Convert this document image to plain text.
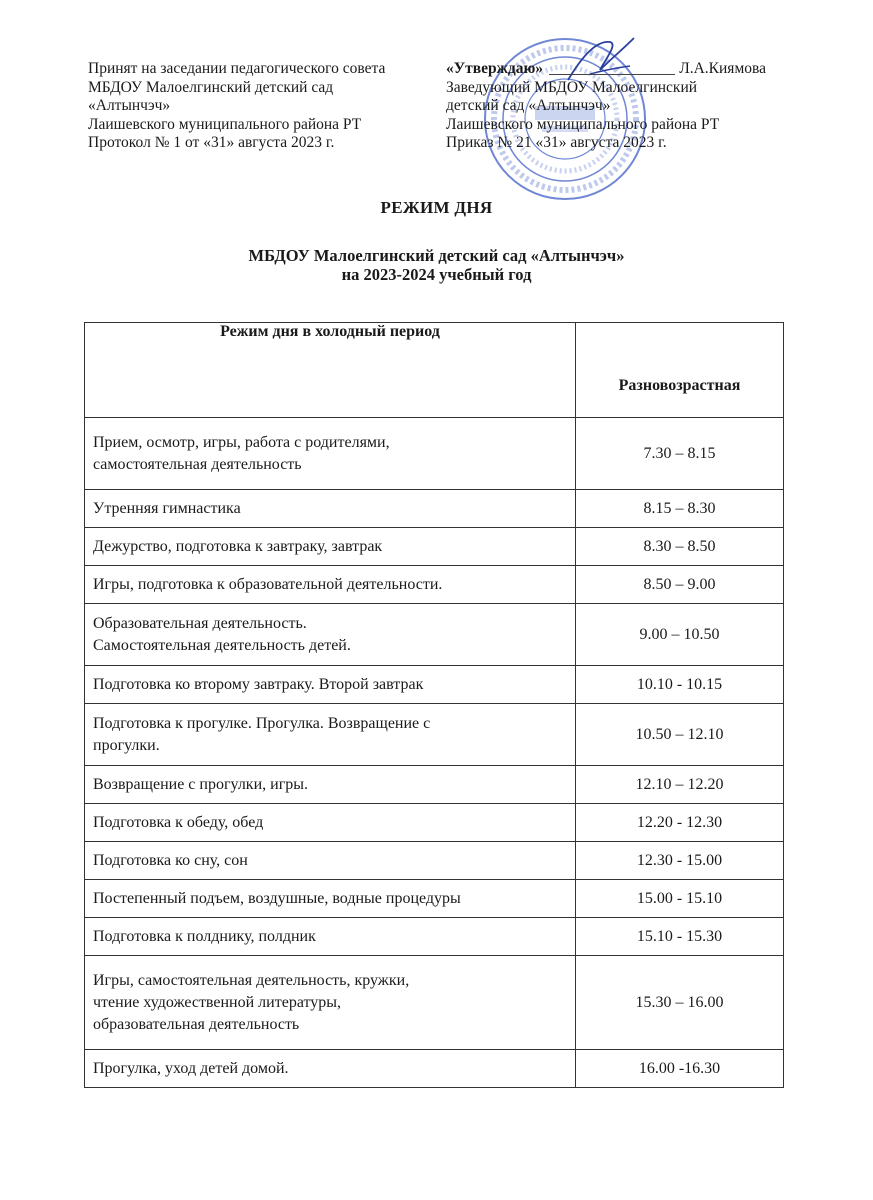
Принят на заседании педагогического совета
МБДОУ Малоелгинский детский сад
«Алтынчэч»
Лаишевского муниципального района РТ
Протокол № 1 от «31» августа 2023 г.
«Утверждаю»	Л.А.Киямова
Заведующий МБДОУ Малоелгинский
детский сад «Алтынчэч»
Лаишевского муниципального района РТ
Приказ № 21 «31» августа 2023 г.
РЕЖИМ ДНЯ
МБДОУ Малоелгинский детский сад «Алтынчэч»
на 2023-2024 учебный год
Режим дня в холодный период	Разновозрастная

Прием, осмотр, игры, работа с родителями,
самостоятельная деятельность	7.30 – 8.15

Утренняя гимнастика	8.15 – 8.30

Дежурство, подготовка к завтраку, завтрак	8.30 – 8.50

Игры, подготовка к образовательной деятельности.	8.50 – 9.00

Образовательная деятельность.
Самостоятельная деятельность детей.	9.00 – 10.50

Подготовка ко второму завтраку. Второй завтрак	10.10 - 10.15

Подготовка к прогулке. Прогулка. Возвращение с
прогулки.	10.50 – 12.10

Возвращение с прогулки, игры.	12.10 – 12.20

Подготовка к обеду, обед	12.20 - 12.30

Подготовка ко сну, сон	12.30 - 15.00

Постепенный подъем, воздушные, водные процедуры	15.00 - 15.10

Подготовка к полднику, полдник	15.10 - 15.30

Игры, самостоятельная деятельность, кружки,
чтение художественной литературы,
образовательная деятельность	15.30 – 16.00

Прогулка, уход детей домой.	16.00 -16.30
